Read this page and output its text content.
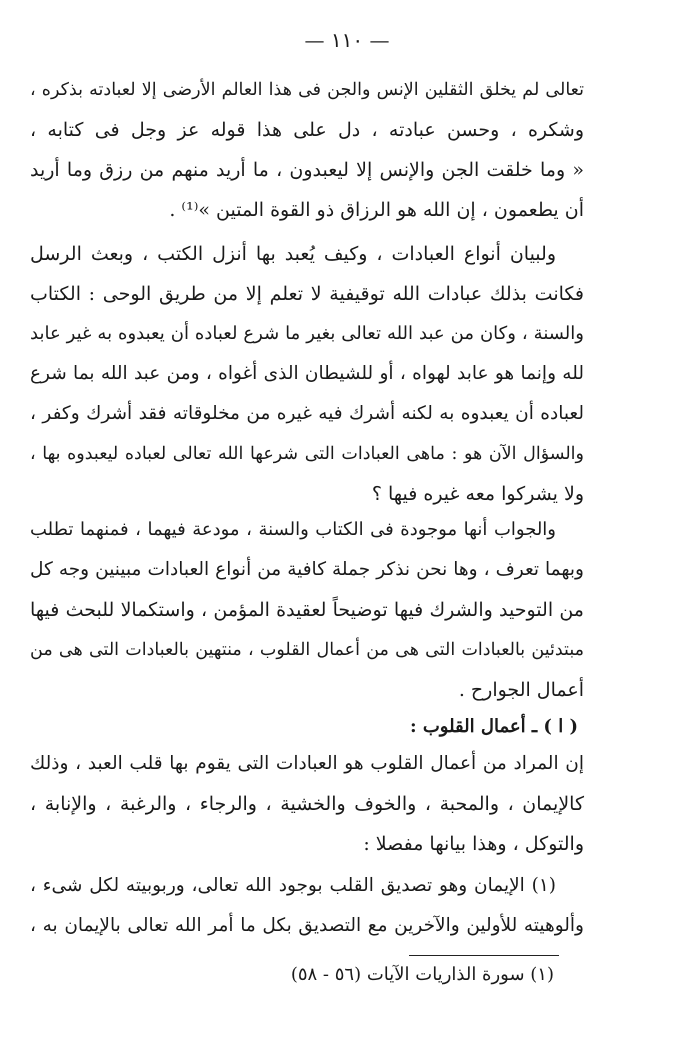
— ١١٠ —
تعالى لم يخلق الثقلين الإنس والجن فى هذا العالم الأرضى إلا لعبادته بذكره ،
وشكره ، وحسن عبادته ، دل على هذا قوله عز وجل فى كتابه ،
« وما خلقت الجن والإنس إلا ليعبدون ، ما أريد منهم من رزق وما أريد
أن يطعمون ، إن الله هو الرزاق ذو القوة المتين »⁽¹⁾ .
ولبيان أنواع العبادات ، وكيف يُعبد بها أنزل الكتب ، وبعث الرسل
فكانت بذلك عبادات الله توقيفية لا تعلم إلا من طريق الوحى : الكتاب
والسنة ، وكان من عبد الله تعالى بغير ما شرع لعباده أن يعبدوه به غير عابد
لله وإنما هو عابد لهواه ، أو للشيطان الذى أغواه ، ومن عبد الله بما شرع
لعباده أن يعبدوه به لكنه أشرك فيه غيره من مخلوقاته فقد أشرك وكفر ،
والسؤال الآن هو : ماهى العبادات التى شرعها الله تعالى لعباده ليعبدوه بها ،
ولا يشركوا معه غيره فيها ؟
والجواب أنها موجودة فى الكتاب والسنة ، مودعة فيهما ، فمنهما تطلب
وبهما تعرف ، وها نحن نذكر جملة كافية من أنواع العبادات مبينين وجه كل
من التوحيد والشرك فيها توضيحاً لعقيدة المؤمن ، واستكمالا للبحث فيها
مبتدئين بالعبادات التى هى من أعمال القلوب ، منتهين بالعبادات التى هى من
أعمال الجوارح .
( ا ) ـ أعمال القلوب :
إن المراد من أعمال القلوب هو العبادات التى يقوم بها قلب العبد ، وذلك
كالإيمان ، والمحبة ، والخوف والخشية ، والرجاء ، والرغبة ، والإنابة ،
والتوكل ، وهذا بيانها مفصلا :
(١) الإيمان وهو تصديق القلب بوجود الله تعالى، وربوبيته لكل شىء ،
وألوهيته للأولين والآخرين مع التصديق بكل ما أمر الله تعالى بالإيمان به ،
(١) سورة الذاريات الآيات (٥٦ - ٥٨)
